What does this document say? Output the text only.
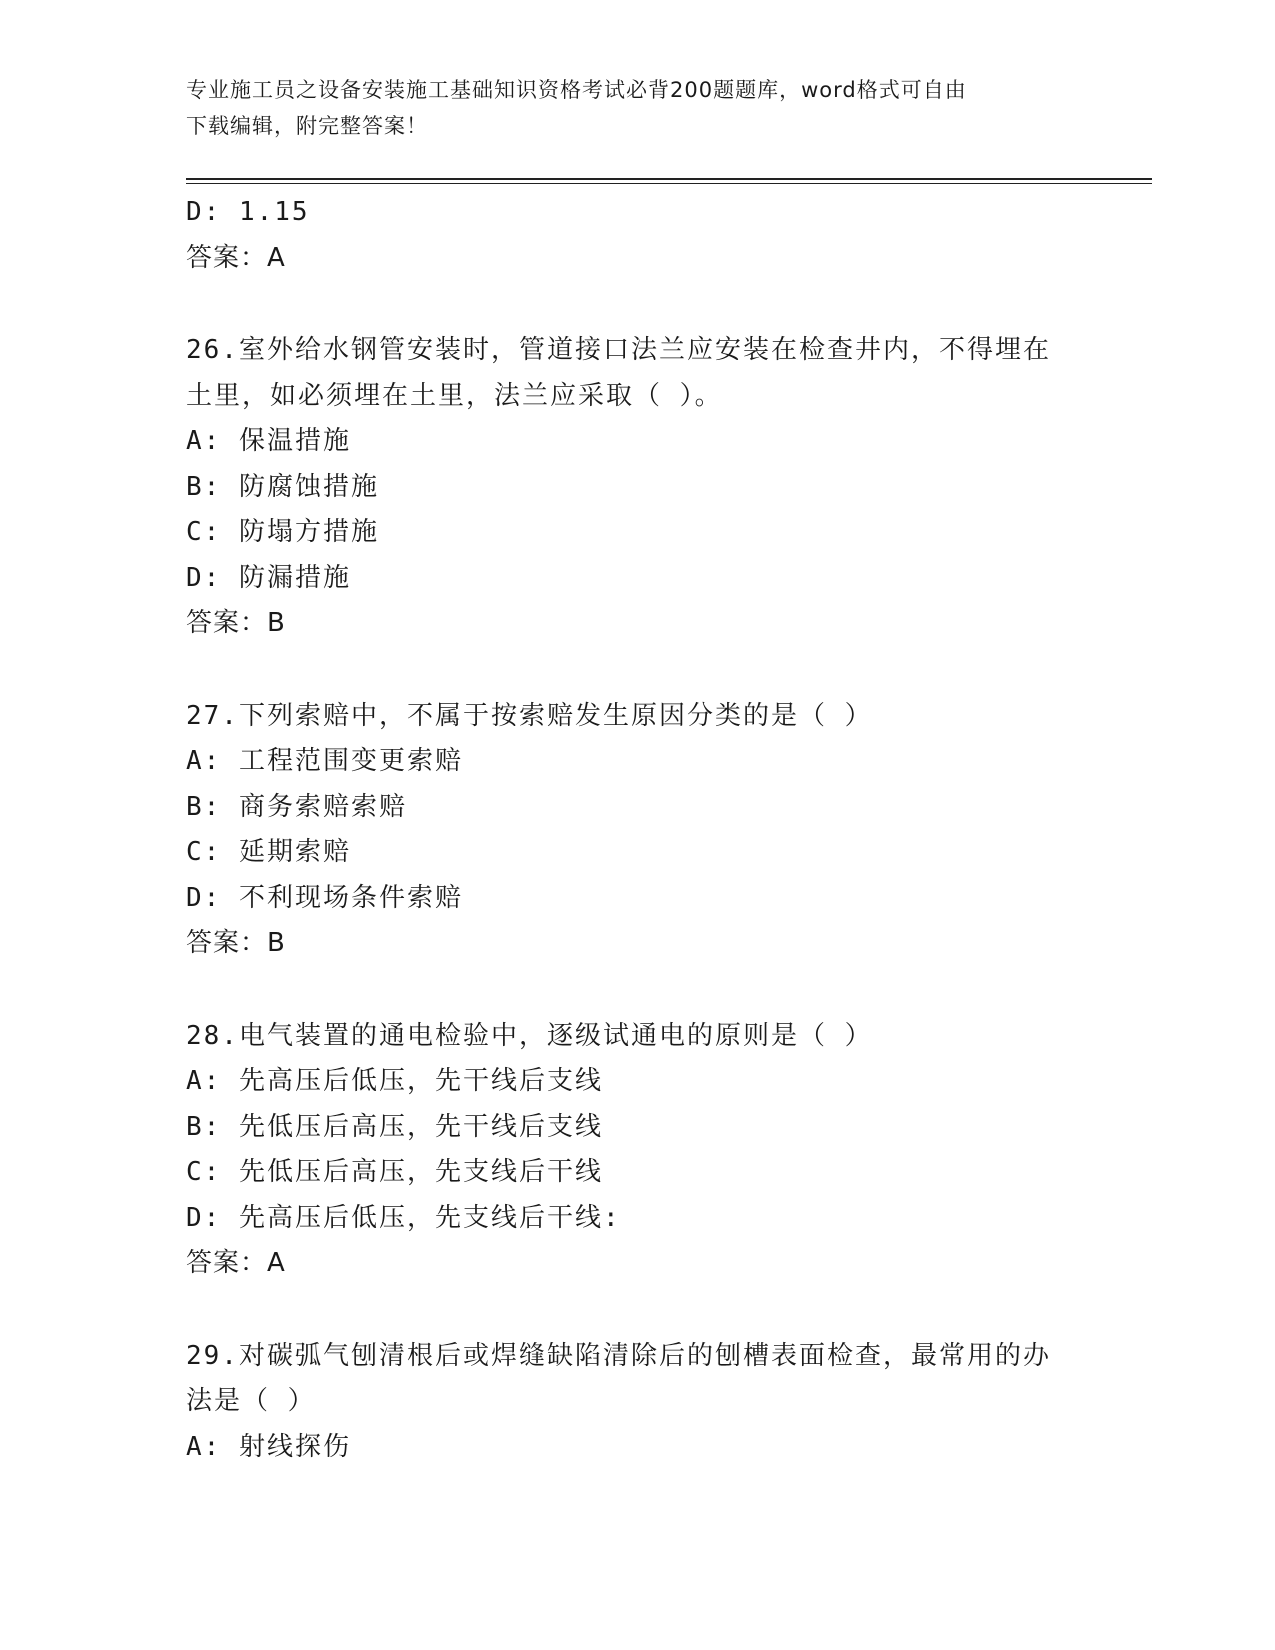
专业施工员之设备安装施工基础知识资格考试必背200题题库，word格式可自由
下载编辑，附完整答案！
D: 1.15
答案：A
26.室外给水钢管安装时，管道接口法兰应安装在检查井内，不得埋在
土里，如必须埋在土里，法兰应采取（ ）。
A: 保温措施
B: 防腐蚀措施
C: 防塌方措施
D: 防漏措施
答案：B
27.下列索赔中，不属于按索赔发生原因分类的是（ ）
A: 工程范围变更索赔
B: 商务索赔索赔
C: 延期索赔
D: 不利现场条件索赔
答案：B
28.电气装置的通电检验中，逐级试通电的原则是（ ）
A: 先高压后低压，先干线后支线
B: 先低压后高压，先干线后支线
C: 先低压后高压，先支线后干线
D: 先高压后低压，先支线后干线:
答案：A
29.对碳弧气刨清根后或焊缝缺陷清除后的刨槽表面检查，最常用的办
法是（ ）
A: 射线探伤
